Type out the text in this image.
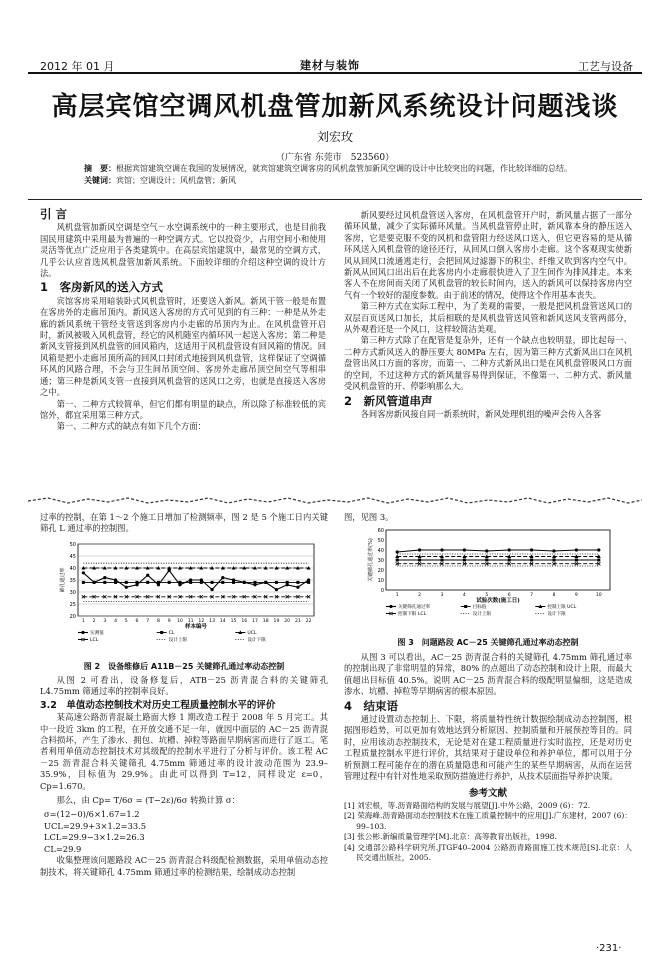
2012 年 01 月	建材与装饰	工艺与设备
高层宾馆空调风机盘管加新风系统设计问题浅谈
刘宏玫
（广东省 东莞市　523560）
摘　要：根据宾馆建筑空调在我国的发展情况，就宾馆建筑空调客房的风机盘管加新风空调的设计中比较突出的问题，作比较详细的总结。
关键词：宾馆；空调设计；风机盘管；新风
引 言

风机盘管加新风空调是空气－水空调系统中的一种主要形式，也是目前我国民用建筑中采用最为普遍的一种空调方式。它以投资少，占用空间小和使用灵活等优点广泛应用于各类建筑中。在高层宾馆建筑中，最常见的空调方式，几乎公认应首选风机盘管加新风系统。下面较详细的介绍这种空调的设计方法。

1　客房新风的送入方式

宾馆客房采用暗装卧式风机盘管时，还要送入新风。新风干管一般是布置在客房外的走廊吊顶内。新风送入客房的方式可见到的有三种：一种是从外走廊的新风系统干管经支管送到客房内小走廊的吊顶内为止。在风机盘管开启时，新风被吸入风机盘管，经它的风机随室内循环风一起送入客房；第二种是新风支管接到风机盘管的回风箱内，这适用于风机盘管设有回风箱的情况。回风箱是把小走廊吊顶所高的回风口封闭式地接到风机盘管，这样保证了空调循环风的风路合理，不会与卫生间吊顶空间、客房外走廊吊顶空间空气等相串通；第三种是新风支管一直接到风机盘管的送风口之旁，也就是直接送入客房之中。

第一、二种方式较简单，但它们都有明显的缺点，所以除了标准较低的宾馆外，都宜采用第三种方式。

第一、二种方式的缺点有如下几个方面：

新风要经过风机盘管送入客房，在风机盘管开户时，新风量占据了一部分循环风量，减少了实际循环风量。当风机盘管停止时，新风靠本身的静压送入客房，它是要克服不变的风机和盘管阻力经送风口送入，但它更容易的是从循环风送入风机盘管的途径还行，从回风口倒入客房小走廊。这个客观现实使新风从回风口流通逃走行，会把回风过滤器下的积尘、纤维又吹到客内空气中。新风从回风口出出后在此客房内小走廊很快进入了卫生间作为排风排走。本来客人不在房间而关闭了风机盘管的较长时间内，送入的新风可以保持客房内空气有一个较好的湿度参数。由于前述的情况，使得这个作用基本丧失。

第三种方式在实际工程中，为了美观的需要，一般是把风机盘管送风口的双层百页送风口加长，其后相联的是风机盘管送风管和新风送风支管两部分，从外观看还是一个风口，这样较简洁美观。

第三种方式除了在配管是复杂外，还有一个缺点也较明显，即比起每一、二种方式新风送入的静压要大 80MPa 左右，因为第三种方式新风出口在风机盘管出风口方面的客房，而第一、二种方式新风出口是在风机盘管吸风口方面的空间，不过这种方式的新风量容易得到保证，不像第一、二种方式、新风量受风机盘管的开、停影响那么大。

2　新风管道串声

各间客房新风接自同一新系统时，新风处理机组的噪声会传入各客

过率的控制，在第 1～2 个施工日增加了检测频率，图 2 是 5 个施工日内关键筛孔 L 通过率的控制图。

50
45
40
35
30
25
20
1 2 3 4 5 6 7 8 9 10 11 12 13 14 15 16 17 18 19 20 21 22
样本编号
筛孔通过率
实测值	CL	UCL
LCL	设计上限	设计下限
图 2　设备维修后 A11B－25 关键筛孔通过率动态控制

从图 2 可看出，设备修复后，ATB－25 沥青混合料的关键筛孔 L4.75mm 筛通过率的控制率良好。

3.2　单值动态控制技术对历史工程质量控制水平的评价

某高速公路沥青混凝土路面大修 1 期改造工程于 2008 年 5 月完工。其中一段近 3km 的工程，在开放交通不足一年，就因中面层的 AC－25 沥青混合料损坏，产生了渗水、拥包、坑槽、掉粒等路面早期病害而进行了返工。笔者利用单值动态控制技术对其级配的控制水平进行了分析与评价。该工程 AC－25 沥青混合料关键筛孔 4.75mm 筛通过率的设计波动范围为 23.9–35.9%，目标值为 29.9%。由此可以得到 T=12，同样设定 ε=0，Cp=1.670。

那么，由 Cp= T/6σ = (T−2ε)/6σ 转换计算 σ：

σ=(12−0)/6×1.67=1.2

UCL=29.9+3×1.2=33.5

LCL=29.9−3×1.2=26.3

CL=29.9

收集整理该问题路段 AC－25 沥青混合料级配检测数据，采用单值动态控制技术，将关键筛孔 4.75mm 筛通过率的检测结果，绘制成动态控制

图，见图 3。

60
50
40
30
20
10
0
1	2	3	4	5	6	7	8	9	10
试验次数(施工日)
关键筛孔通过率(%)
关键筛孔通过率	目标值	控制上限 UCL
控制下限 LCL	设计上限	设计下限
图 3　问题路段 AC－25 关键筛孔通过率动态控制

从图 3 可以看出，AC－25 沥青混合料的关键筛孔 4.75mm 筛孔通过率的控制出现了非常明显的异常，80% 的点超出了动态控制和设计上限，而最大值超出目标值 40.5%。说明 AC－25 沥青混合料的级配明显偏细，这是造成渗水、坑槽、掉粒等早期病害的根本原因。

4　结束语

通过设置动态控制上、下限，将质量特性统计数据绘制成动态控制图，根据图形趋势，可以更加有效地达到分析原因、控制质量和开展预控等目的。同时，应用该动态控制技术，无论是对在建工程质量进行实时监控，还是对历史工程质量控制水平进行评价，其结果对于建设单位和养护单位，都可以用于分析预测工程可能存在的潜在质量隐患和可能产生的某些早期病害，从而在运营管理过程中有针对性地采取预防措施进行养护，从技术层面指导养护决策。

参考文献
[1] 刘宏根，等.沥青路面结构的发展与展望[J].中外公路，2009 (6)：72.
[2] 荣海峰.沥青路面动态控制技术在施工质量控制中的应用[J].广东建材，2007 (6)：99–103.
[3] 张公彬.新编质量管理学[M].北京：高等教育出版社，1998.
[4] 交通部公路科学研究所.JTGF40–2004 公路沥青路面施工技术规范[S].北京：人民交通出版社，2005.
·231·
